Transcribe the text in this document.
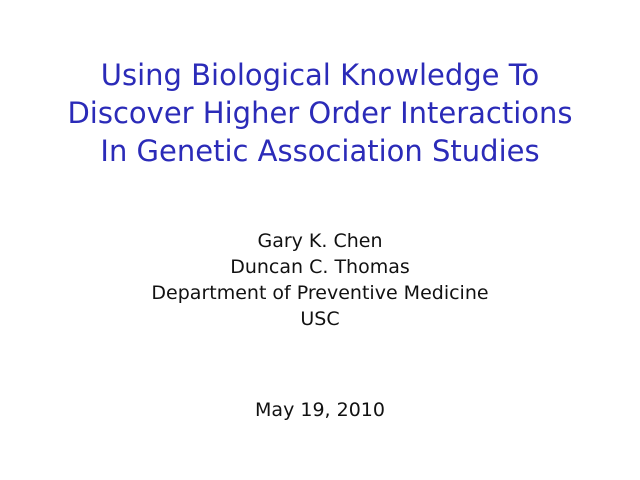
Using Biological Knowledge To
Discover Higher Order Interactions
In Genetic Association Studies
Gary K. Chen
Duncan C. Thomas
Department of Preventive Medicine
USC
May 19, 2010
